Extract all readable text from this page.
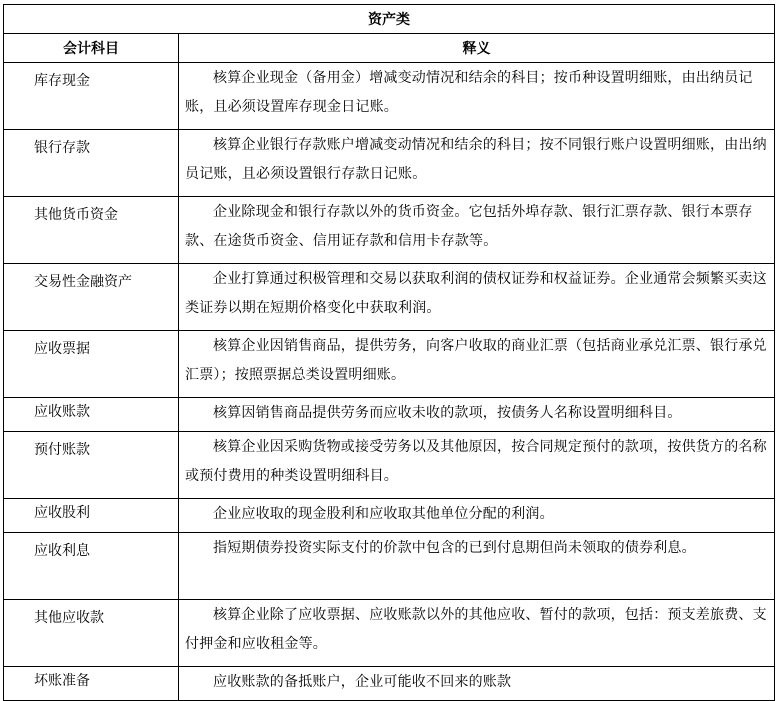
资产类	
会计科目	释义
库存现金	核算企业现金（备用金）增减变动情况和结余的科目；按币种设置明细账，由出纳员记账，且必须设置库存现金日记账。
银行存款	核算企业银行存款账户增减变动情况和结余的科目；按不同银行账户设置明细账，由出纳员记账，且必须设置银行存款日记账。
其他货币资金	企业除现金和银行存款以外的货币资金。它包括外埠存款、银行汇票存款、银行本票存款、在途货币资金、信用证存款和信用卡存款等。
交易性金融资产	企业打算通过积极管理和交易以获取利润的债权证券和权益证券。企业通常会频繁买卖这类证券以期在短期价格变化中获取利润。
应收票据	核算企业因销售商品，提供劳务，向客户收取的商业汇票（包括商业承兑汇票、银行承兑汇票）；按照票据总类设置明细账。
应收账款	核算因销售商品提供劳务而应收未收的款项，按债务人名称设置明细科目。
预付账款	核算企业因采购货物或接受劳务以及其他原因，按合同规定预付的款项，按供货方的名称或预付费用的种类设置明细科目。
应收股利	企业应收取的现金股利和应收取其他单位分配的利润。
应收利息	指短期债券投资实际支付的价款中包含的已到付息期但尚未领取的债券利息。
其他应收款	核算企业除了应收票据、应收账款以外的其他应收、暂付的款项，包括：预支差旅费、支付押金和应收租金等。
坏账准备	应收账款的备抵账户，企业可能收不回来的账款
